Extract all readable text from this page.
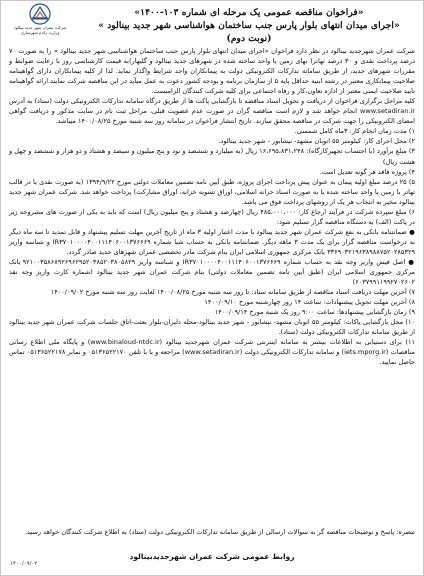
شرکت عمران شهر جدید بینالود
وزارت راه و شهرسازی
«فراخوان مناقصه عمومی یک مرحله ای شماره ۱۰۳-۱۴۰۰»
«اجرای میدان انتهای بلوار پارس جنب ساختمان هواشناسی شهر جدید بینالود »
(نوبت دوم)

شرکت عمران شهرجدید بینالود در نظر دارد فراخوان «اجرای میدان انتهای بلوار پارس جنب ساختمان هواشناسی شهر جدید بینالود » را به صورت ۷۰ درصد پرداخت نقدی و ۳۰ درصد تهاتر( بهای زمین یا واحد ساخته شده در شهرهای جدید بینالود و گلبهار)به قیمت کارشناسی روز با رعایت ضوابط و مقررات شهرهای جدید، از طریق سامانه تدارکات الکترونیکی دولت به پیمانکاران واجد شرایط واگذار نماید. لذا از کلیه پیمانکاران دارای گواهینامه صلاحیت پیمانکاری معتبر در رشته ابنیه حداقل پایه ۵ از سازمان برنامه و بودجه کشور دعوت به عمل میآید در این مناقصه شرکت نمایند.ارائه گواهینامه تایید صلاحیت ایمنی معتبر از اداره تعاون،کار و رفاه اجتماعی برای کلیه شرکت کنندگان الزامیست.

کلیه مراحل برگزاری فراخوان از دریافت و تحویل اسناد مناقصه تا بازگشایی پاکت ها از طریق درگاه سامانه تدارکات الکترونیکی دولت (ستاد) به آدرس www.setadiran.ir انجام خواهد شد و لازم است مناقصه گران در صورت عدم عضویت قبلی، مراحل ثبت نام در سایت مذکور و دریافت گواهی امضای الکترونیکی را جهت شرکت در مناقصه محقق سازند. تاریخ انتشار فراخوان در سامانه روز سه شنبه مورخ ۱۴۰۰/۰۸/۲۵ میباشد.

۱) مدت زمان انجام کار: ۳ماه کامل شمسی.

۲) محل اجرای کار: کیلومتر ۵۵ اتوبان مشهد- نیشابور - شهر جدید بینالود.

۳) مبلغ برآورد (با احتساب تجهیزکارگاه): ۱۶،۶۹۵،۸۳۱،۲۴۸ ریال (به میلیارد و ششصد و نود و پنج میلیون و سیصد و هشتاد و دو هزار و ششصد و چهل و هشت ریال)

۴) پروژه فاقد هر گونه تعدیل است.

۵) ۲۵ درصد مبلغ اولیه پیمان به عنوان پیش پرداخت اجرای پروژه، طبق آیین نامه تضمین معاملات دولتی مورخ ۱۳۹۴/۹/۲۲ (به صورت نقدی یا در قالب تهاتر با زمین یا واحد ساخته شده یا به صورت اسناد خزانه اسلامی، اوراق تسویه خزانه، اوراق مشارکت) پرداخت خواهد شد. شرکت عمران شهر جدید بینالود مخیر به انتخاب هر یک از روشهای پرداخت فوق می باشد.

۶) مبلغ سپرده شرکت در فرآیند ارجاع کار: ۴۸۵،۰۰۰،۰۰۰ ریال (چهارصد و هشتاد و پنج میلیون ریال) است که باید به یکی از صورت های مشروحه زیر در پاکت (الف) به دستگاه مناقصه گزار تسلیم شود:

● ضمانتنامه بانکی به نفع شرکت عمران شهر جدید بینالود با مدت اعتبار اولیه ۳ ماه از تاریخ آخرین مهلت تسلیم پیشنهاد و قابل تمدید تا سه ماه دیگر به درخواست مناقصه گزار برای یک مدت ۳ ماهه دیگر. ضمانتنامه بانکی به حساب شبا شماره IR۳۷۰۱۰۰۰۰۴۰۰۱۱۱۴۰۶۰۰۱۳۷۶۶۶۹ و شناسه واریز ۳۳۶۹۰۳۲۱۹۶۳۸۹۸۸۷۵۲۰۲۸۵۳۲۹ بانک مرکزی جمهوری اسلامی ایران بنام شرکت مادر تخصصی عمران شهرهای جدید صادر گردد.

● اصل فیش واریز وجه نقد به حساب شماره IR۳۷۰۱۰۰۰۰۴۰۰۱۱۱۴۰۶۰۰۱۳۷۶۶۶۹ و شناسه واریز ۹۲۱۰۰۳۵۸۶۸۹۲۶۹۶۲۹۵۲۰۳۸۵۲۰۳۸۰۵۸۲۹ بانک مرکزی جمهوری اسلامی ایران (طبق آیین نامه تضمین معاملات دولتی) بنام شرکت عمران شهر جدید بینالود (شماره کارت واریز وجه نقد ۶۰۳۷۹۹۱۱۹۹۲۷۰۲۶۰۲)

۷) آخرین مهلت دریافت اسناد مناقصه از طریق سامانه ستاد: تا روز سه شنبه مورخ ۱۴۰۰/۰۸/۲۵ لغایت روز سه شنبه مورخ ۱۴۰۰/۰۹/۰۲

۸) آخرین مهلت تحویل پیشنهادات: ساعت ۱۴ روز چهارشنبه مورخ ۱۴۰۰/۰۹/۱۰

۹) زمان بازگشایی پیشنهادها: ساعت ۹:۰۰ روز یک شنبه مورخ ۱۴۰۰/۰۹/۱۴

۱۰) محل بازگشایی پاکات: کیلومتر ۵۵ اتوبان مشهد- نیشابور - شهر جدید بینالود-محله دلبران-بلوار بعثت-اتاق جلسات شرکت عمران شهر جدید بینالود از طریق سامانه تدارکات الکترونیکی دولت (ستاد).

۱۱) برای دستیابی به اطلاعات بیشتر به سامانه اینترنتی شرکت عمران شهرجدید بینالود (www.binaloud-ntdc.ir) و پایگاه ملی اطلاع رسانی مناقصات (iets.mporg.ir) و سامانه تدارکات الکترونیکی دولت (www.setadiran.ir) مراجعه و یا با تلفن ۰۵۱۳۶۵۲۲۱۷۰ و نمابر ۰۵۱۳۶۵۲۲۱۷۸ تماس حاصل نمایید.

تبصره: پاسخ و توضیحات مناقصه گر به سوالات ارسالی از طریق سامانه تدارکات الکترونیکی دولت (ستاد) به اطلاع شرکت کنندگان خواهد رسید.
روابط عمومی شرکت عمران شهرجدیدبینالود
۱۴۰۰/۰۹/۰۲
